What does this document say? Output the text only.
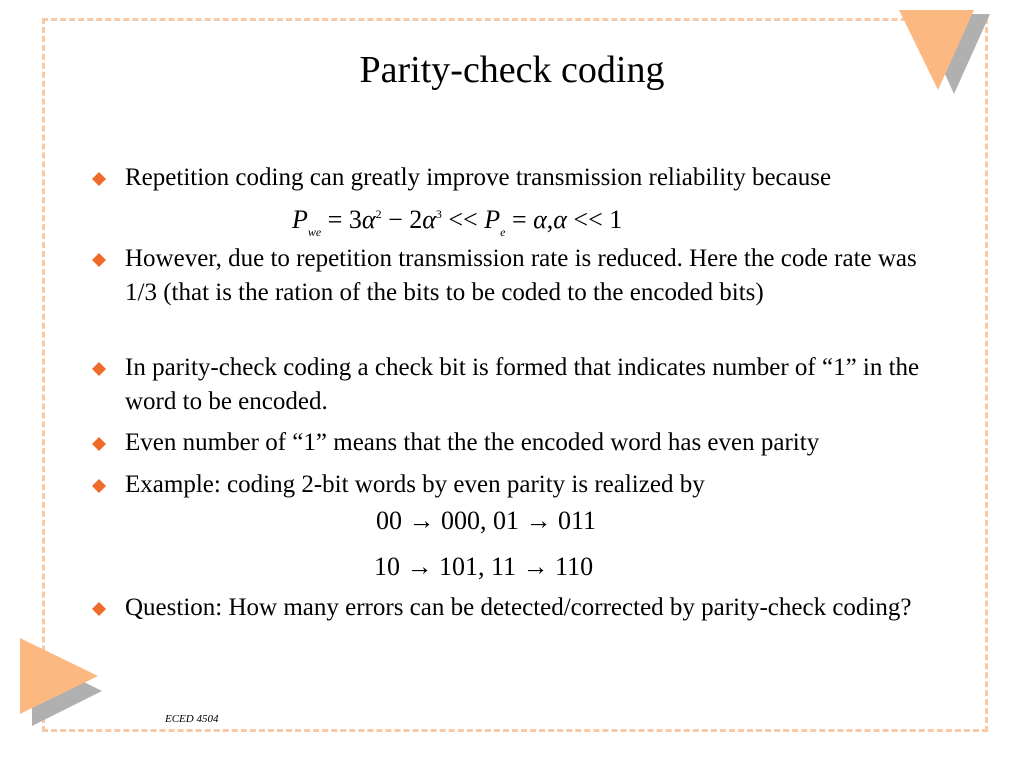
Parity-check coding
Repetition coding can greatly improve transmission reliability because
$P_{we} = 3\alpha^2 - 2\alpha^3 << P_e = \alpha,\alpha << 1$
However, due to repetition transmission rate is reduced. Here the code rate was 1/3 (that is the ration of the bits to be coded to the encoded bits)
In parity-check coding a check bit is formed that indicates number of “1” in the word to be encoded.
Even number of “1” means that the the encoded word has even parity
Example: coding 2-bit words by even parity is realized by
00 → 000, 01 → 011
10 → 101, 11 → 110
Question: How many errors can be detected/corrected by parity-check coding?
ECED 4504
